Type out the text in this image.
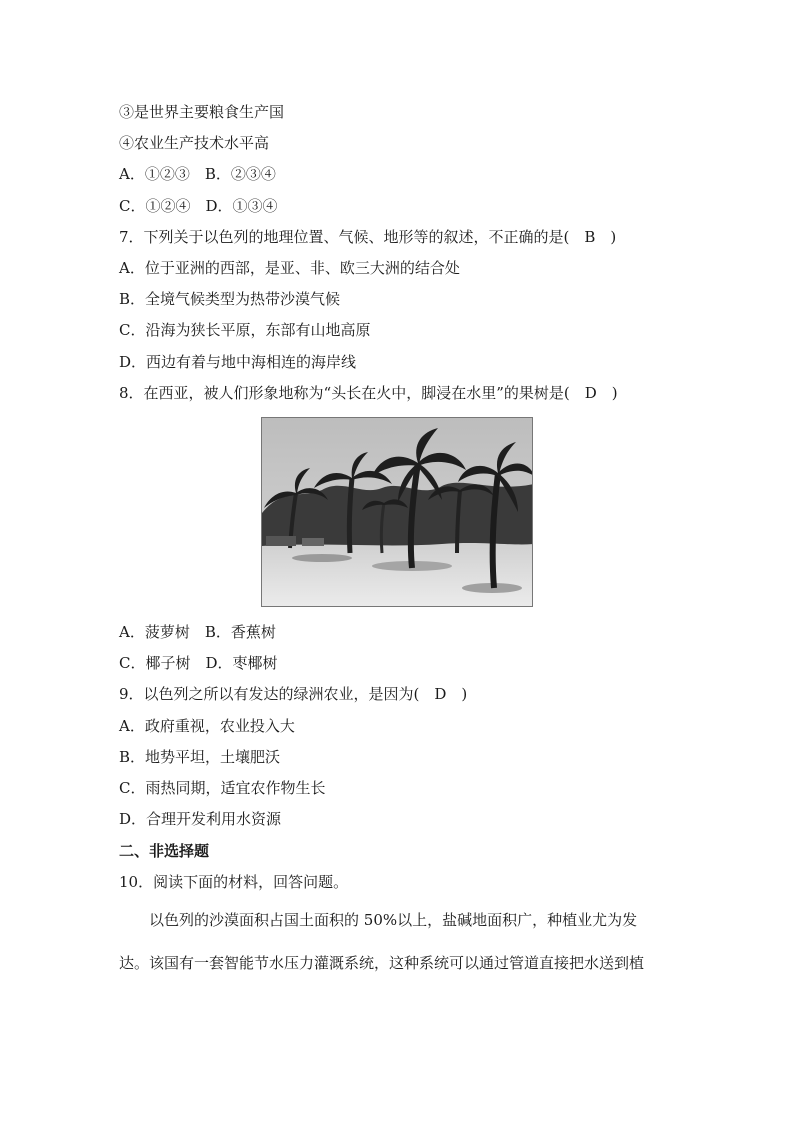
③是世界主要粮食生产国
④农业生产技术水平高
A．①②③　B．②③④
C．①②④　D．①③④
7．下列关于以色列的地理位置、气候、地形等的叙述，不正确的是(　B　)
A．位于亚洲的西部，是亚、非、欧三大洲的结合处
B．全境气候类型为热带沙漠气候
C．沿海为狭长平原，东部有山地高原
D．西边有着与地中海相连的海岸线
8．在西亚，被人们形象地称为“头长在火中，脚浸在水里”的果树是(　D　)
A．菠萝树　B．香蕉树
C．椰子树　D．枣椰树
9．以色列之所以有发达的绿洲农业，是因为(　D　)
A．政府重视，农业投入大
B．地势平坦，土壤肥沃
C．雨热同期，适宜农作物生长
D．合理开发利用水资源
二、非选择题
10．阅读下面的材料，回答问题。
　　以色列的沙漠面积占国土面积的 50%以上，盐碱地面积广，种植业尤为发
达。该国有一套智能节水压力灌溉系统，这种系统可以通过管道直接把水送到植
